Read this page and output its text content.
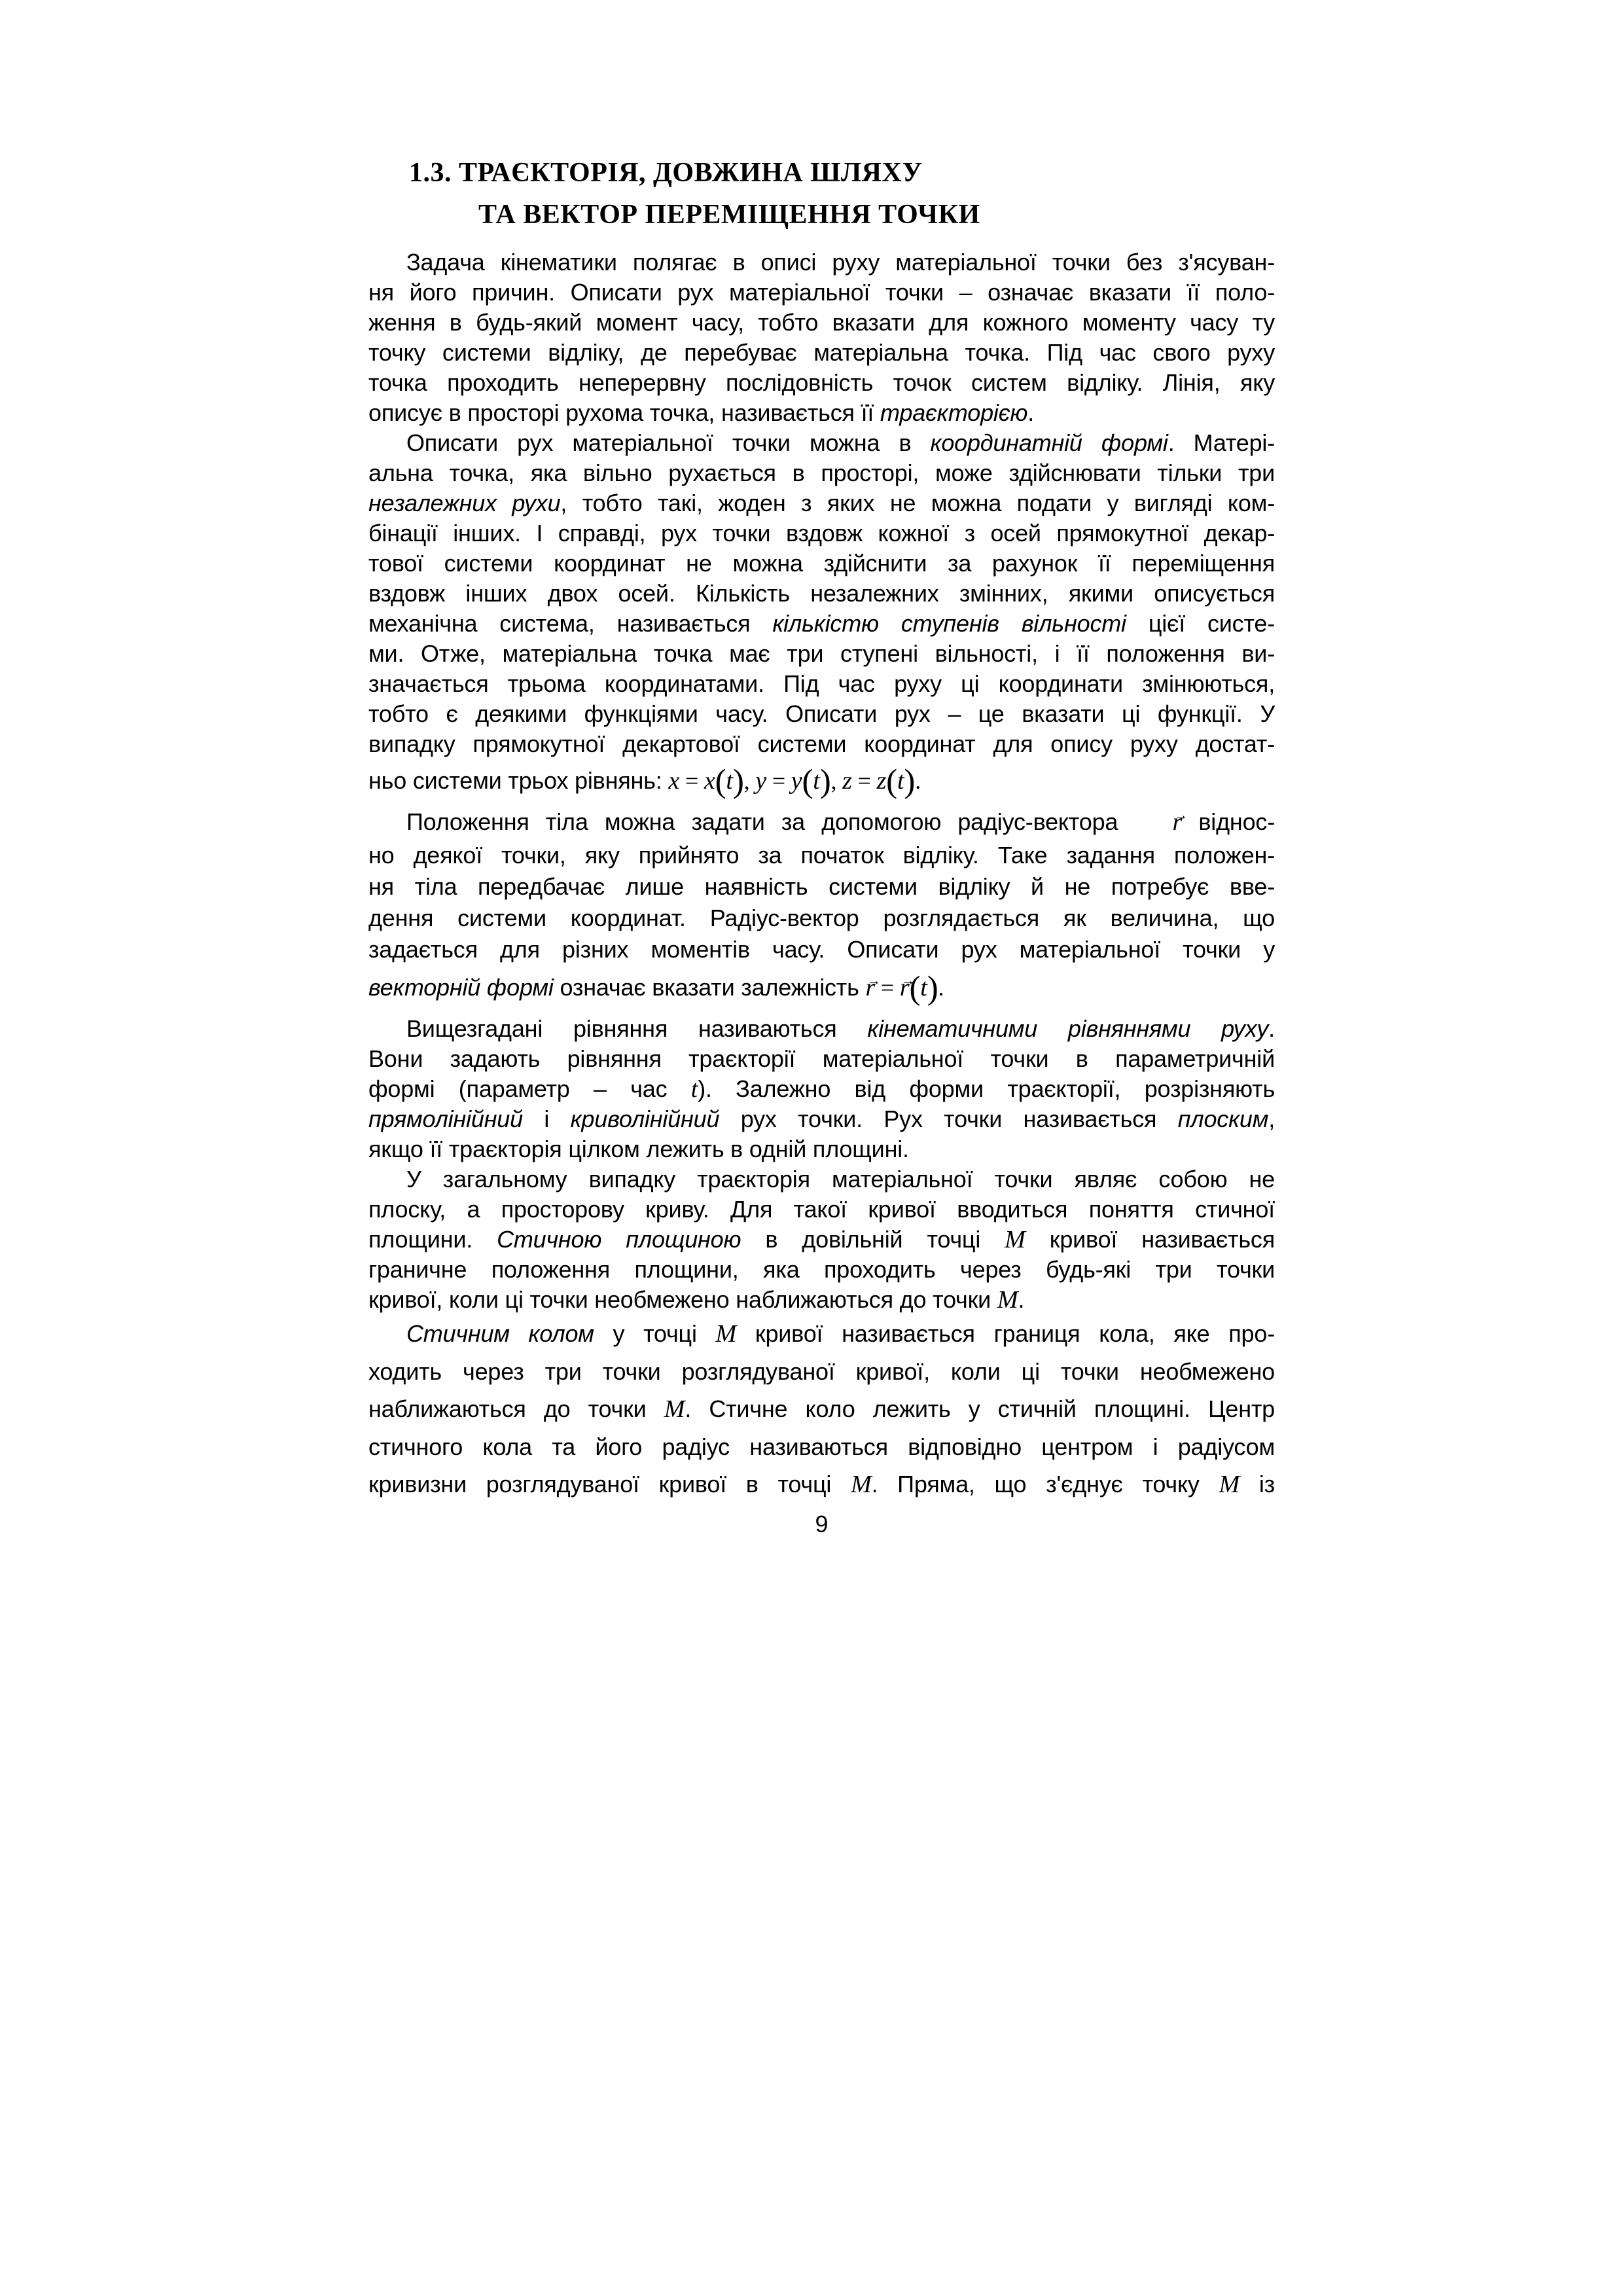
1.3. ТРАЄКТОРІЯ, ДОВЖИНА ШЛЯХУ
ТА ВЕКТОР ПЕРЕМІЩЕННЯ ТОЧКИ
Задача кінематики полягає в описі руху матеріальної точки без з'ясуван-
ня його причин. Описати рух матеріальної точки – означає вказати її поло-
ження в будь-який момент часу, тобто вказати для кожного моменту часу ту
точку системи відліку, де перебуває матеріальна точка. Під час свого руху
точка проходить неперервну послідовність точок систем відліку. Лінія, яку
описує в просторі рухома точка, називається її траєкторією.
Описати рух матеріальної точки можна в координатній формі. Матері-
альна точка, яка вільно рухається в просторі, може здійснювати тільки три
незалежних рухи, тобто такі, жоден з яких не можна подати у вигляді ком-
бінації інших. І справді, рух точки вздовж кожної з осей прямокутної декар-
тової системи координат не можна здійснити за рахунок її переміщення
вздовж інших двох осей. Кількість незалежних змінних, якими описується
механічна система, називається кількістю ступенів вільності цієї систе-
ми. Отже, матеріальна точка має три ступені вільності, і її положення ви-
значається трьома координатами. Під час руху ці координати змінюються,
тобто є деякими функціями часу. Описати рух – це вказати ці функції. У
випадку прямокутної декартової системи координат для опису руху достат-
ньо системи трьох рівнянь: x = x(t), y = y(t), z = z(t).
Положення тіла можна задати за допомогою радіус-вектора r → віднос-
но деякої точки, яку прийнято за початок відліку. Таке задання положен-
ня тіла передбачає лише наявність системи відліку й не потребує вве-
дення системи координат. Радіус-вектор розглядається як величина, що
задається для різних моментів часу. Описати рух матеріальної точки у
векторній формі означає вказати залежність r → = r →(t).
Вищезгадані рівняння називаються кінематичними рівняннями руху.
Вони задають рівняння траєкторії матеріальної точки в параметричній
формі (параметр – час t). Залежно від форми траєкторії, розрізняють
прямолінійний і криволінійний рух точки. Рух точки називається плоским,
якщо її траєкторія цілком лежить в одній площині.
У загальному випадку траєкторія матеріальної точки являє собою не
плоску, а просторову криву. Для такої кривої вводиться поняття стичної
площини. Стичною площиною в довільній точці M кривої називається
граничне положення площини, яка проходить через будь-які три точки
кривої, коли ці точки необмежено наближаються до точки M.
Стичним колом у точці M кривої називається границя кола, яке про-
ходить через три точки розглядуваної кривої, коли ці точки необмежено
наближаються до точки M. Стичне коло лежить у стичній площині. Центр
стичного кола та його радіус називаються відповідно центром і радіусом
кривизни розглядуваної кривої в точці M. Пряма, що з'єднує точку M із
9
